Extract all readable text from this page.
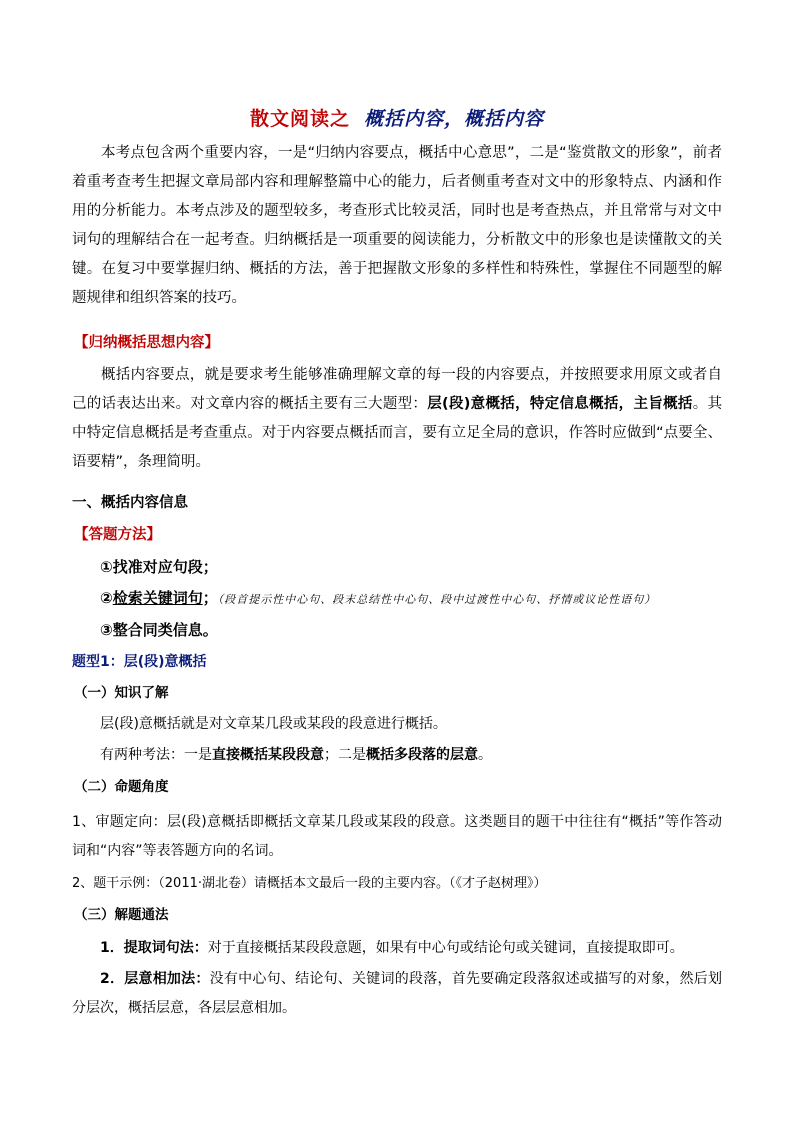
散文阅读之 概括内容，概括内容

本考点包含两个重要内容，一是“归纳内容要点，概括中心意思”，二是“鉴赏散文的形象”，前者着重考查考生把握文章局部内容和理解整篇中心的能力，后者侧重考查对文中的形象特点、内涵和作用的分析能力。本考点涉及的题型较多，考查形式比较灵活，同时也是考查热点，并且常常与对文中词句的理解结合在一起考查。归纳概括是一项重要的阅读能力，分析散文中的形象也是读懂散文的关键。在复习中要掌握归纳、概括的方法，善于把握散文形象的多样性和特殊性，掌握住不同题型的解题规律和组织答案的技巧。

【归纳概括思想内容】

概括内容要点，就是要求考生能够准确理解文章的每一段的内容要点，并按照要求用原文或者自己的话表达出来。对文章内容的概括主要有三大题型：层(段)意概括，特定信息概括，主旨概括。其中特定信息概括是考查重点。对于内容要点概括而言，要有立足全局的意识，作答时应做到“点要全、语要精”，条理简明。

一、概括内容信息
【答题方法】
①找准对应句段；
②检索关键词句；（段首提示性中心句、段末总结性中心句、段中过渡性中心句、抒情或议论性语句）
③整合同类信息。
题型1：层(段)意概括
（一）知识了解
层(段)意概括就是对文章某几段或某段的段意进行概括。
有两种考法：一是直接概括某段段意；二是概括多段落的层意。
（二）命题角度

1、审题定向：层(段)意概括即概括文章某几段或某段的段意。这类题目的题干中往往有“概括”等作答动词和“内容”等表答题方向的名词。

2、题干示例：（2011·湖北卷）请概括本文最后一段的主要内容。（《才子赵树理》）
（三）解题通法
1．提取词句法：对于直接概括某段段意题，如果有中心句或结论句或关键词，直接提取即可。

2．层意相加法：没有中心句、结论句、关键词的段落，首先要确定段落叙述或描写的对象，然后划分层次，概括层意，各层层意相加。
